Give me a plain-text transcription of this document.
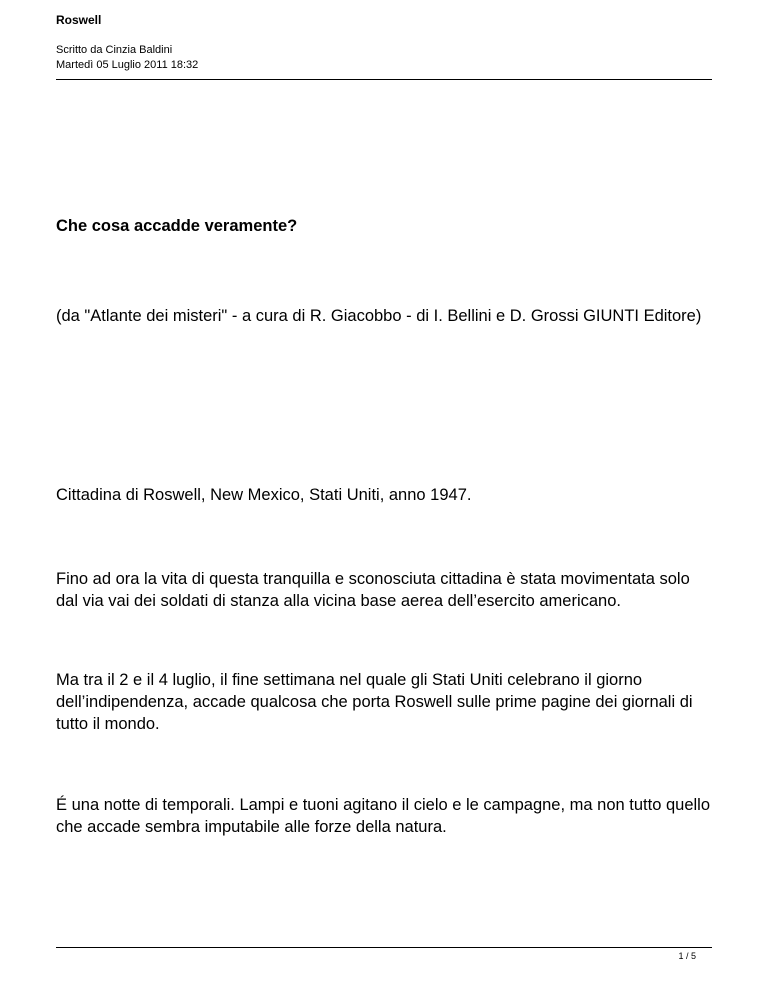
Roswell
Scritto da Cinzia Baldini
Martedì 05 Luglio 2011 18:32
Che cosa accadde veramente?

(da "Atlante dei misteri" - a cura di R. Giacobbo - di I. Bellini e D. Grossi GIUNTI Editore)

Cittadina di Roswell, New Mexico, Stati Uniti, anno 1947.

Fino ad ora la vita di questa tranquilla e sconosciuta cittadina è stata movimentata solo dal via vai dei soldati di stanza alla vicina base aerea dell’esercito americano.

Ma tra il 2 e il 4 luglio, il fine settimana nel quale gli Stati Uniti celebrano il giorno dell’indipendenza, accade qualcosa che porta Roswell sulle prime pagine dei giornali di tutto il mondo.

É una notte di temporali. Lampi e tuoni agitano il cielo e le campagne, ma non tutto quello che accade sembra imputabile alle forze della natura.

1 / 5
